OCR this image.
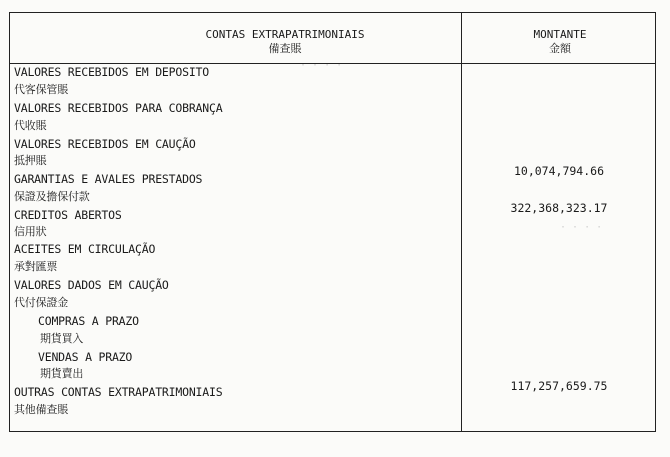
· · · ·
· · · ·
CONTAS EXTRAPATRIMONIAIS
備查賬
MONTANTE
金額
VALORES RECEBIDOS EM DEPOSITO
代客保管賬
VALORES RECEBIDOS PARA COBRANÇA
代收賬
VALORES RECEBIDOS EM CAUÇÃO
抵押賬
GARANTIAS E AVALES PRESTADOS
10,074,794.66
保證及擔保付款
CREDITOS ABERTOS	322,368,323.17
信用狀
ACEITES EM CIRCULAÇÃO
承對匯票
VALORES DADOS EM CAUÇÃO
代付保證金
COMPRAS A PRAZO
期貨買入
VENDAS A PRAZO
期貨賣出
OUTRAS CONTAS EXTRAPATRIMONIAIS	117,257,659.75
其他備查賬
